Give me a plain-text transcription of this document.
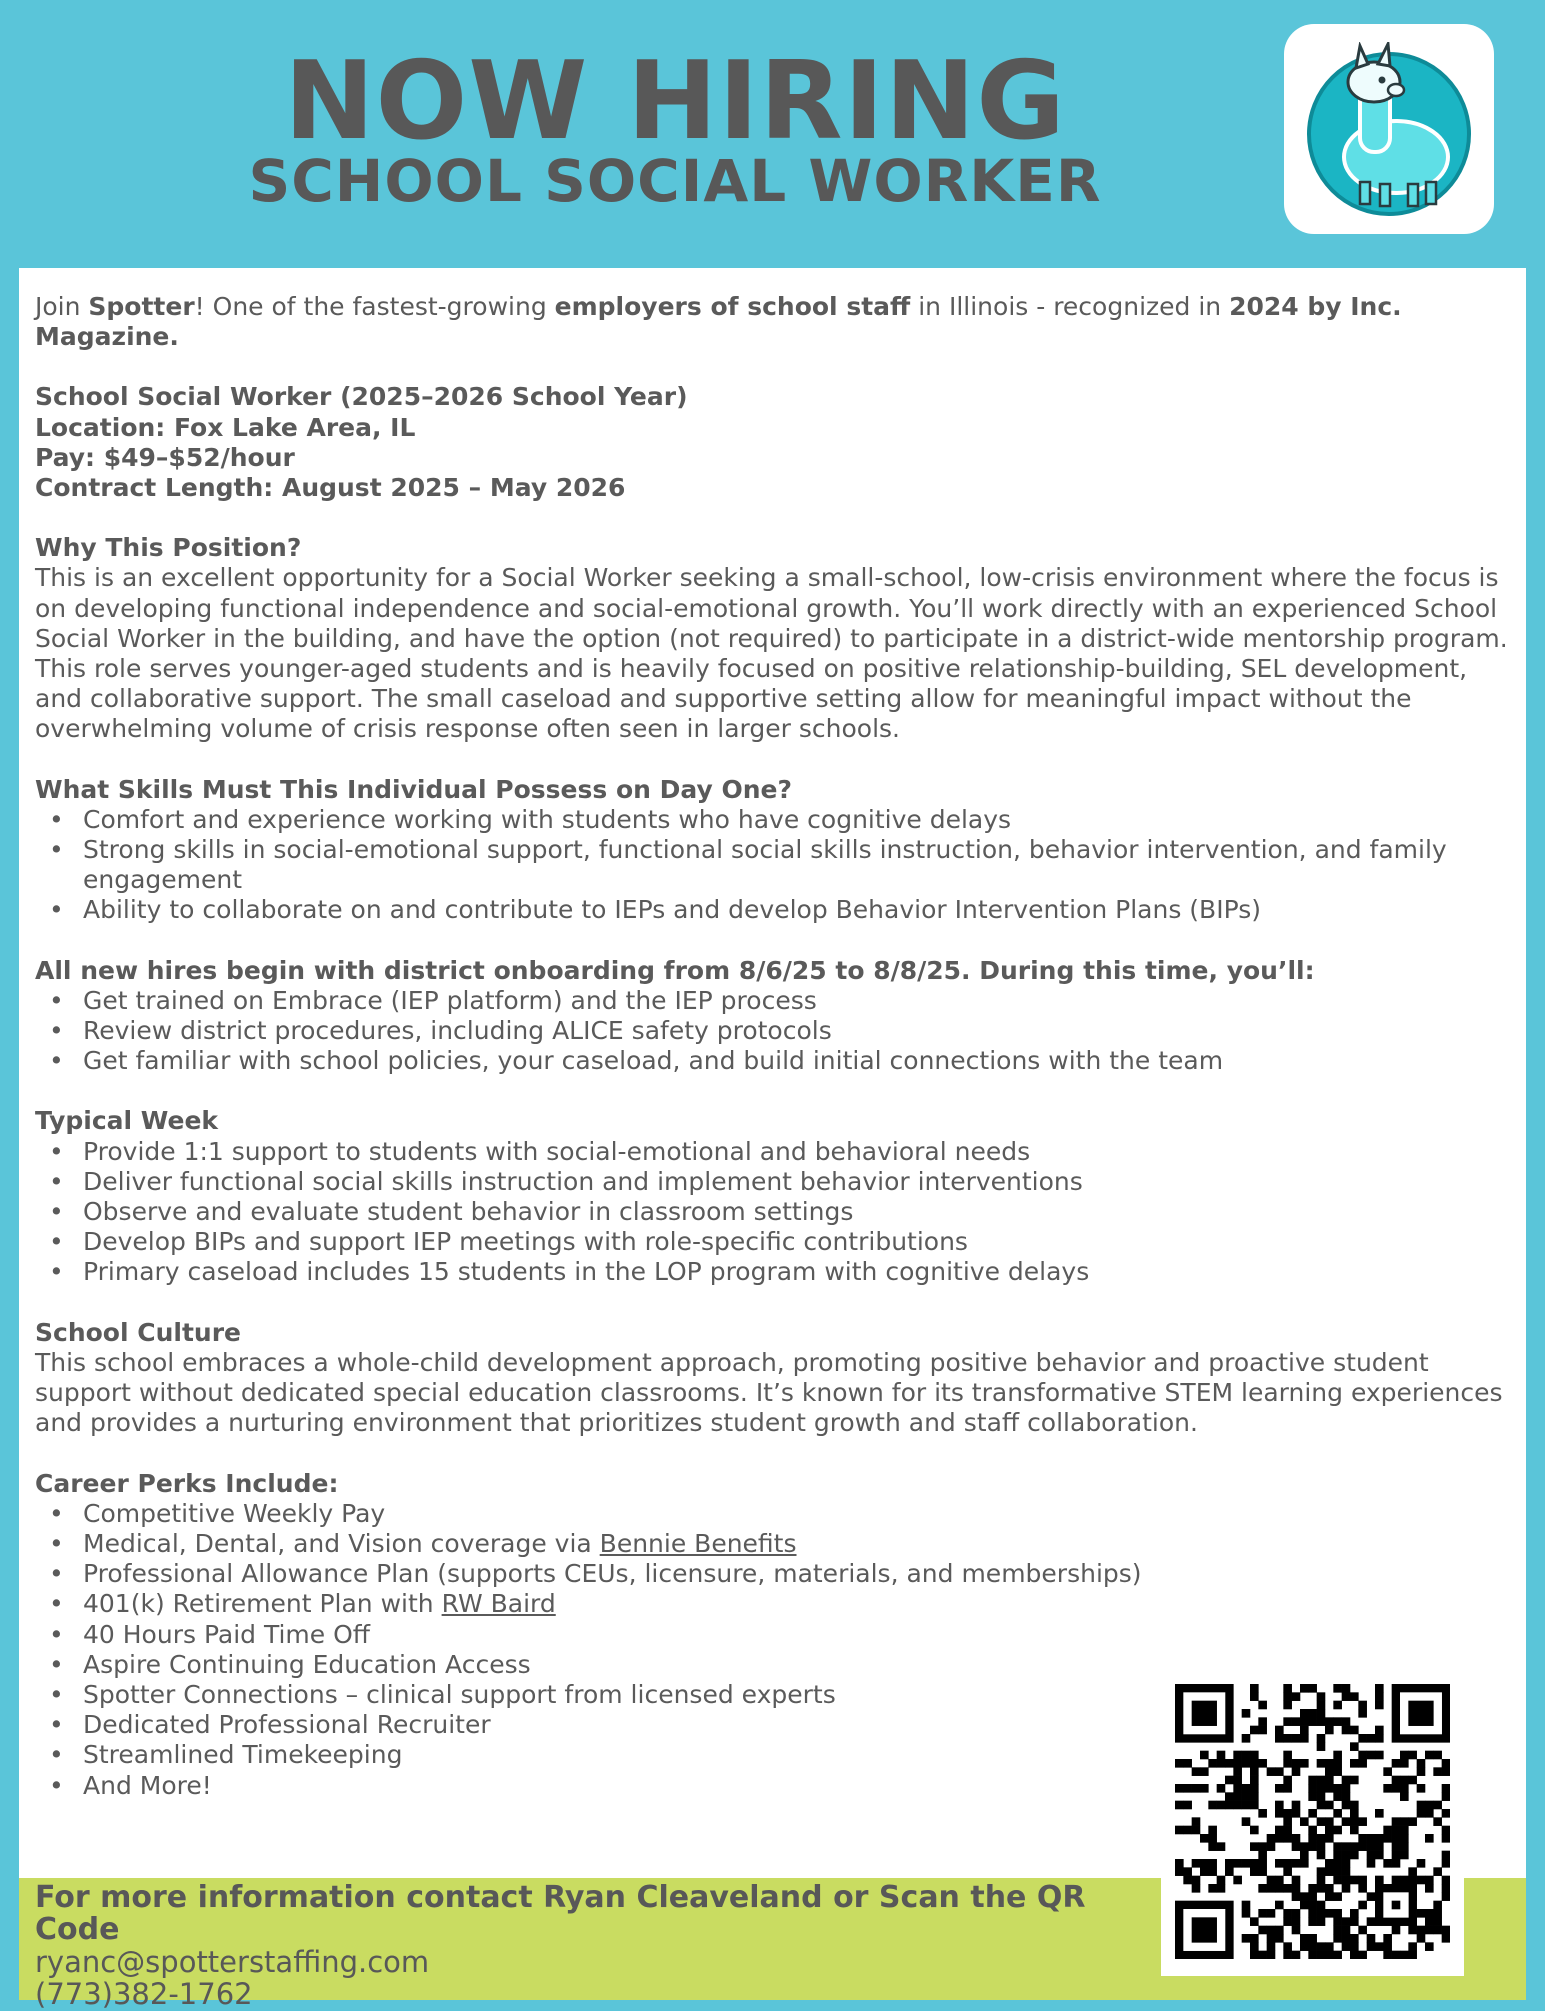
NOW HIRING
SCHOOL SOCIAL WORKER

Join Spotter! One of the fastest-growing employers of school staff in Illinois - recognized in 2024 by Inc. Magazine.

School Social Worker (2025–2026 School Year)

Location: Fox Lake Area, IL

Pay: $49–$52/hour

Contract Length: August 2025 – May 2026

Why This Position?

This is an excellent opportunity for a Social Worker seeking a small-school, low-crisis environment where the focus is on developing functional independence and social-emotional growth. You’ll work directly with an experienced School Social Worker in the building, and have the option (not required) to participate in a district-wide mentorship program. This role serves younger-aged students and is heavily focused on positive relationship-building, SEL development, and collaborative support. The small caseload and supportive setting allow for meaningful impact without the overwhelming volume of crisis response often seen in larger schools.

What Skills Must This Individual Possess on Day One?

• Comfort and experience working with students who have cognitive delays
• Strong skills in social-emotional support, functional social skills instruction, behavior intervention, and family engagement
• Ability to collaborate on and contribute to IEPs and develop Behavior Intervention Plans (BIPs)

All new hires begin with district onboarding from 8/6/25 to 8/8/25. During this time, you’ll:

• Get trained on Embrace (IEP platform) and the IEP process
• Review district procedures, including ALICE safety protocols
• Get familiar with school policies, your caseload, and build initial connections with the team

Typical Week

• Provide 1:1 support to students with social-emotional and behavioral needs
• Deliver functional social skills instruction and implement behavior interventions
• Observe and evaluate student behavior in classroom settings
• Develop BIPs and support IEP meetings with role-specific contributions
• Primary caseload includes 15 students in the LOP program with cognitive delays

School Culture

This school embraces a whole-child development approach, promoting positive behavior and proactive student support without dedicated special education classrooms. It’s known for its transformative STEM learning experiences and provides a nurturing environment that prioritizes student growth and staff collaboration.

Career Perks Include:

• Competitive Weekly Pay
• Medical, Dental, and Vision coverage via Bennie Benefits
• Professional Allowance Plan (supports CEUs, licensure, materials, and memberships)
• 401(k) Retirement Plan with RW Baird
• 40 Hours Paid Time Off
• Aspire Continuing Education Access
• Spotter Connections – clinical support from licensed experts
• Dedicated Professional Recruiter
• Streamlined Timekeeping
• And More!
For more information contact Ryan Cleaveland or Scan the QR Code
ryanc@spotterstaffing.com
(773)382-1762
